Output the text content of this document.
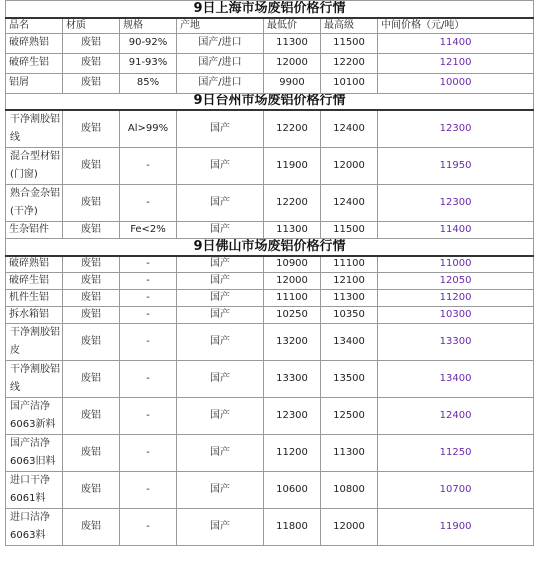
9日上海市场废铝价格行情						
品名	材质	规格	产地	最低价	最高级	中间价格（元/吨）
破碎熟铝	废铝	90-92%	国产/进口	11300	11500	11400
破碎生铝	废铝	91-93%	国产/进口	12000	12200	12100
铝屑	废铝	85%	国产/进口	9900	10100	10000
9日台州市场废铝价格行情						
干净割胶铝线	废铝	Al>99%	国产	12200	12400	12300
混合型材铝(门窗)	废铝	-	国产	11900	12000	11950
熟合金杂铝(干净)	废铝	-	国产	12200	12400	12300
生杂铝件	废铝	Fe<2%	国产	11300	11500	11400
9日佛山市场废铝价格行情						
破碎熟铝	废铝	-	国产	10900	11100	11000
破碎生铝	废铝	-	国产	12000	12100	12050
机件生铝	废铝	-	国产	11100	11300	11200
拆水箱铝	废铝	-	国产	10250	10350	10300
干净割胶铝皮	废铝	-	国产	13200	13400	13300
干净割胶铝线	废铝	-	国产	13300	13500	13400
国产洁净6063新料	废铝	-	国产	12300	12500	12400
国产洁净6063旧料	废铝	-	国产	11200	11300	11250
进口干净6061料	废铝	-	国产	10600	10800	10700
进口洁净6063料	废铝	-	国产	11800	12000	11900
